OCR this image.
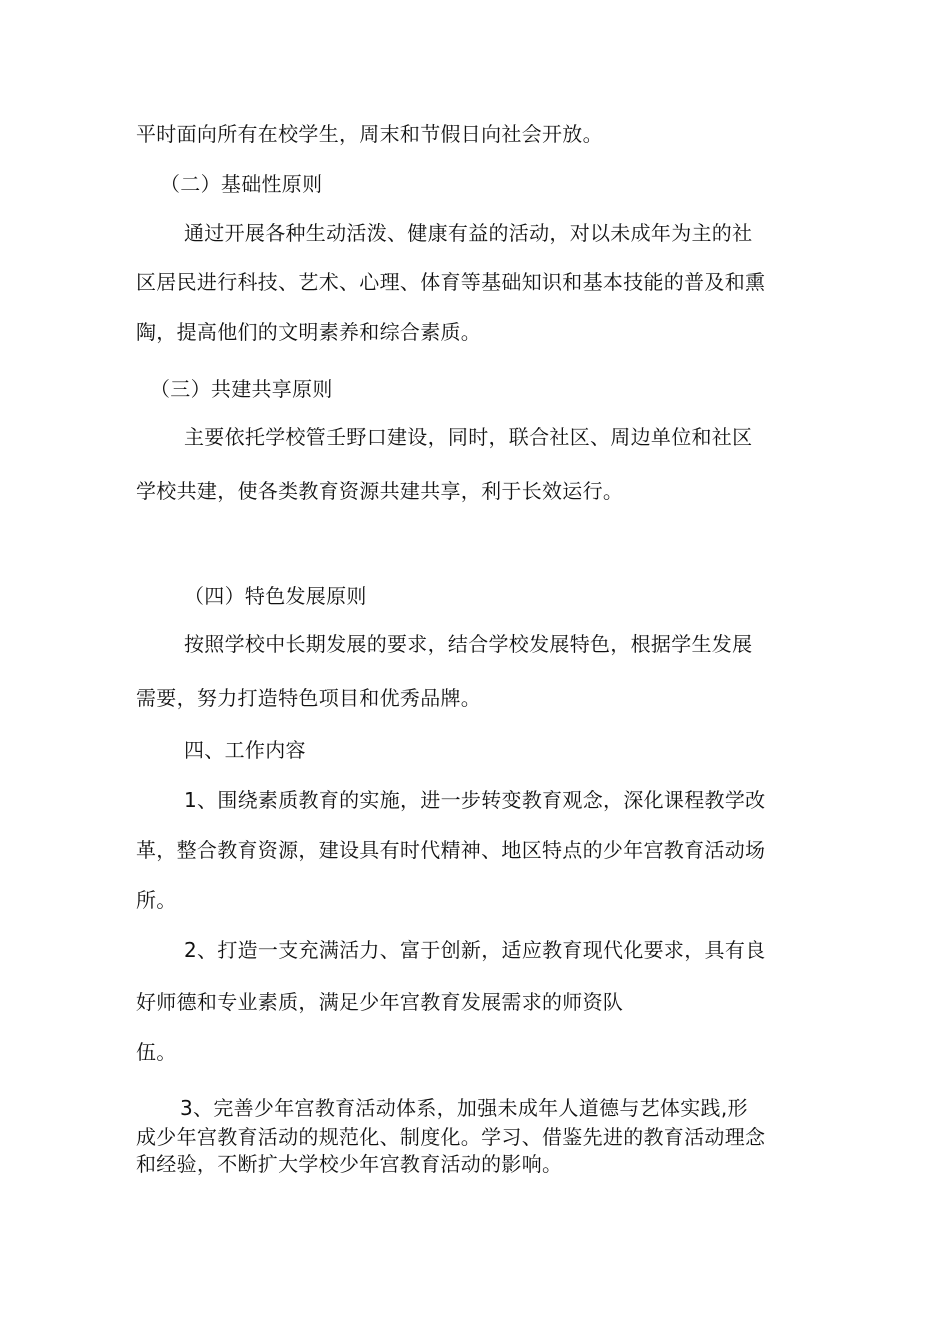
平时面向所有在校学生，周末和节假日向社会开放。
（二）基础性原则
通过开展各种生动活泼、健康有益的活动，对以未成年为主的社
区居民进行科技、艺术、心理、体育等基础知识和基本技能的普及和熏
陶，提高他们的文明素养和综合素质。
（三）共建共享原则
主要依托学校管壬野口建设，同时，联合社区、周边单位和社区
学校共建，使各类教育资源共建共享，利于长效运行。
（四）特色发展原则
按照学校中长期发展的要求，结合学校发展特色，根据学生发展
需要，努力打造特色项目和优秀品牌。
四、工作内容
1、围绕素质教育的实施，进一步转变教育观念，深化课程教学改
革，整合教育资源，建设具有时代精神、地区特点的少年宫教育活动场
所。
2、打造一支充满活力、富于创新，适应教育现代化要求，具有良
好师德和专业素质，满足少年宫教育发展需求的师资队
伍。
3、完善少年宫教育活动体系，加强未成年人道德与艺体实践,形
成少年宫教育活动的规范化、制度化。学习、借鉴先进的教育活动理念
和经验，不断扩大学校少年宫教育活动的影响。
